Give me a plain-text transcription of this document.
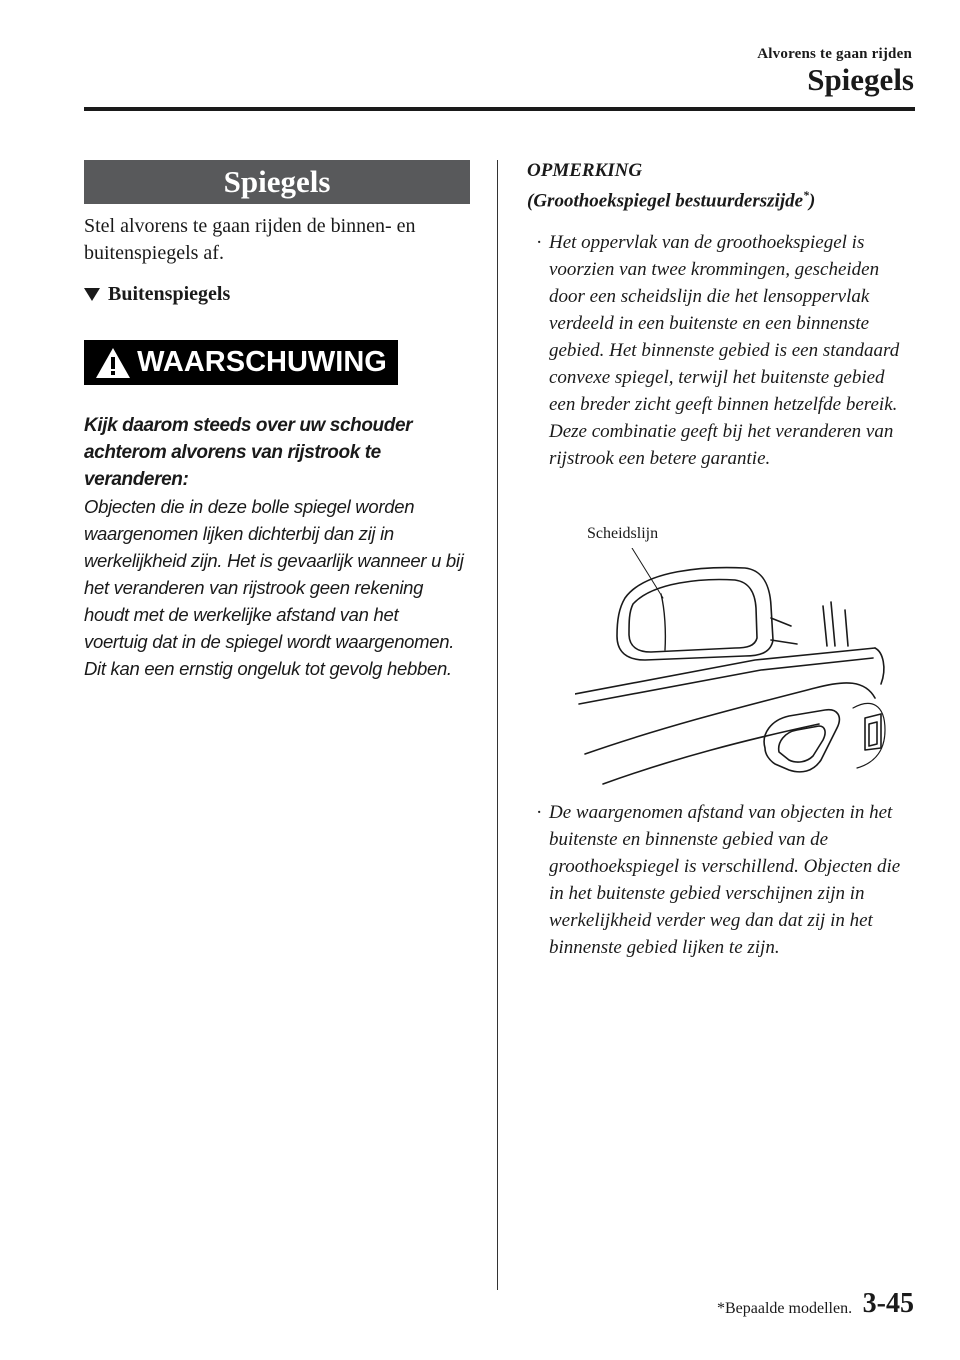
Alvorens te gaan rijden
Spiegels
Spiegels

Stel alvorens te gaan rijden de binnen- en buitenspiegels af.

Buitenspiegels
WAARSCHUWING

Kijk daarom steeds over uw schouder achterom alvorens van rijstrook te veranderen:

Objecten die in deze bolle spiegel worden waargenomen lijken dichterbij dan zij in werkelijkheid zijn. Het is gevaarlijk wanneer u bij het veranderen van rijstrook geen rekening houdt met de werkelijke afstand van het voertuig dat in de spiegel wordt waargenomen. Dit kan een ernstig ongeluk tot gevolg hebben.

OPMERKING

(Groothoekspiegel bestuurderszijde*)

· Het oppervlak van de groothoekspiegel is voorzien van twee krommingen, gescheiden door een scheidslijn die het lensoppervlak verdeeld in een buitenste en een binnenste gebied. Het binnenste gebied is een standaard convexe spiegel, terwijl het buitenste gebied een breder zicht geeft binnen hetzelfde bereik. Deze combinatie geeft bij het veranderen van rijstrook een betere garantie.
Scheidslijn
· De waargenomen afstand van objecten in het buitenste en binnenste gebied van de groothoekspiegel is verschillend. Objecten die in het buitenste gebied verschijnen zijn in werkelijkheid verder weg dan dat zij in het binnenste gebied lijken te zijn.
*Bepaalde modellen. 3-45
